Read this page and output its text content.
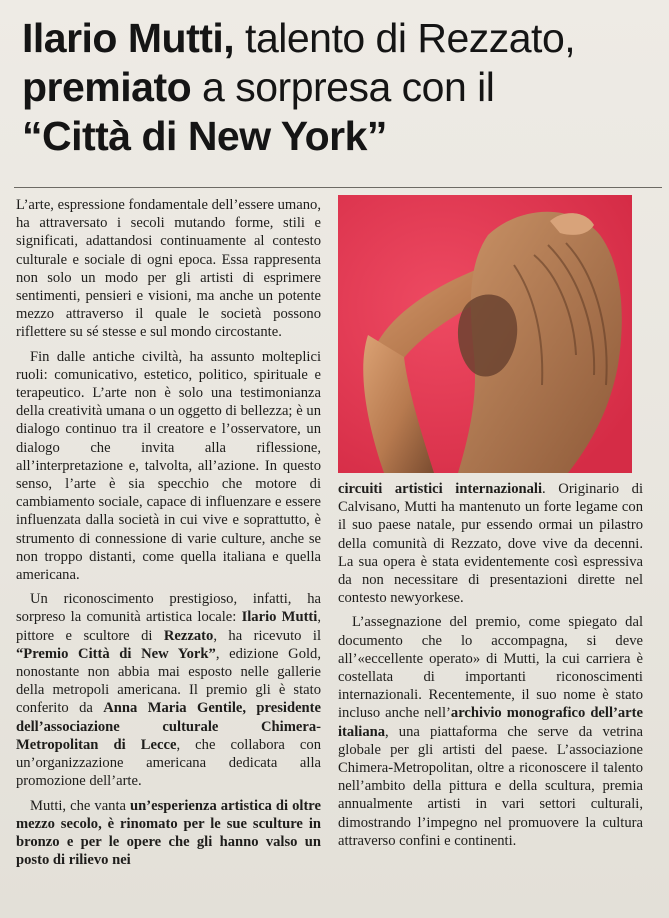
Ilario Mutti, talento di Rezzato,
premiato a sorpresa con il
“Città di New York”

L’arte, espressione fondamentale dell’essere umano, ha attraversato i secoli mutando forme, stili e significati, adattandosi continuamente al contesto culturale e sociale di ogni epoca. Essa rappresenta non solo un modo per gli artisti di esprimere sentimenti, pensieri e visioni, ma anche un potente mezzo attraverso il quale le società possono riflettere su sé stesse e sul mondo circostante.

Fin dalle antiche civiltà, ha assunto molteplici ruoli: comunicativo, estetico, politico, spirituale e terapeutico. L’arte non è solo una testimonianza della creatività umana o un oggetto di bellezza; è un dialogo continuo tra il creatore e l’osservatore, un dialogo che invita alla riflessione, all’interpretazione e, talvolta, all’azione. In questo senso, l’arte è sia specchio che motore di cambiamento sociale, capace di influenzare e essere influenzata dalla società in cui vive e soprattutto, è strumento di connessione di varie culture, anche se non troppo distanti, come quella italiana e quella americana.

Un riconoscimento prestigioso, infatti, ha sorpreso la comunità artistica locale: Ilario Mutti, pittore e scultore di Rezzato, ha ricevuto il “Premio Città di New York”, edizione Gold, nonostante non abbia mai esposto nelle gallerie della metropoli americana. Il premio gli è stato conferito da Anna Maria Gentile, presidente dell’associazione culturale Chimera-Metropolitan di Lecce, che collabora con un’organizzazione americana dedicata alla promozione dell’arte.

Mutti, che vanta un’esperienza artistica di oltre mezzo secolo, è rinomato per le sue sculture in bronzo e per le opere che gli hanno valso un posto di rilievo nei

circuiti artistici internazionali. Originario di Calvisano, Mutti ha mantenuto un forte legame con il suo paese natale, pur essendo ormai un pilastro della comunità di Rezzato, dove vive da decenni. La sua opera è stata evidentemente così espressiva da non necessitare di presentazioni dirette nel contesto newyorkese.

L’assegnazione del premio, come spiegato dal documento che lo accompagna, si deve all’«eccellente operato» di Mutti, la cui carriera è costellata di importanti riconoscimenti internazionali. Recentemente, il suo nome è stato incluso anche nell’archivio monografico dell’arte italiana, una piattaforma che serve da vetrina globale per gli artisti del paese. L’associazione Chimera-Metropolitan, oltre a riconoscere il talento nell’ambito della pittura e della scultura, premia annualmente artisti in vari settori culturali, dimostrando l’impegno nel promuovere la cultura attraverso confini e continenti.
